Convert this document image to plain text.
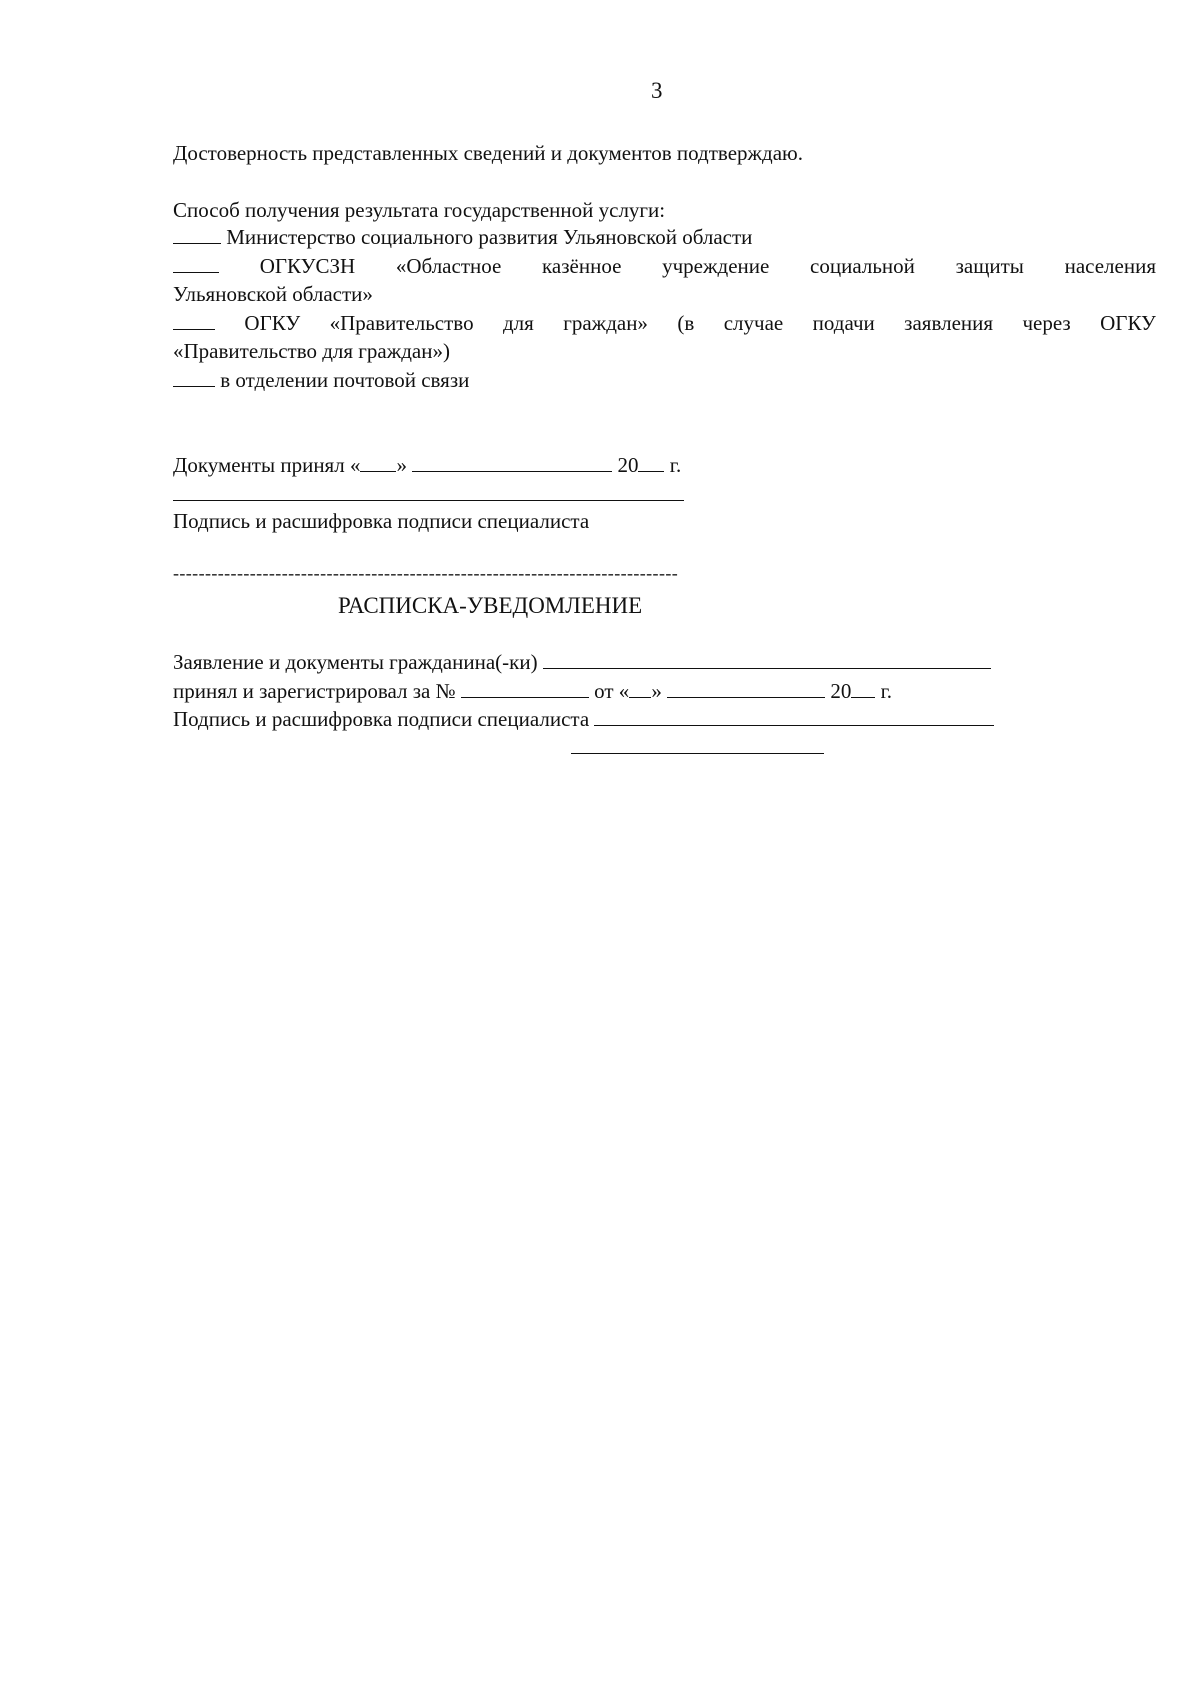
3
Достоверность представленных сведений и документов подтверждаю.
Способ получения результата государственной услуги:
Министерство социального развития Ульяновской области
ОГКУСЗН «Областное казённое учреждение социальной защиты населения
Ульяновской области»
ОГКУ «Правительство для граждан» (в случае подачи заявления через ОГКУ
«Правительство для граждан»)
в отделении почтовой связи
Документы принял « »	20 г.
Подпись и расшифровка подписи специалиста
-------------------------------------------------------------------------------
РАСПИСКА-УВЕДОМЛЕНИЕ
Заявление и документы гражданина(-ки)
принял и зарегистрировал за №	от « »	20 г.
Подпись и расшифровка подписи специалиста
